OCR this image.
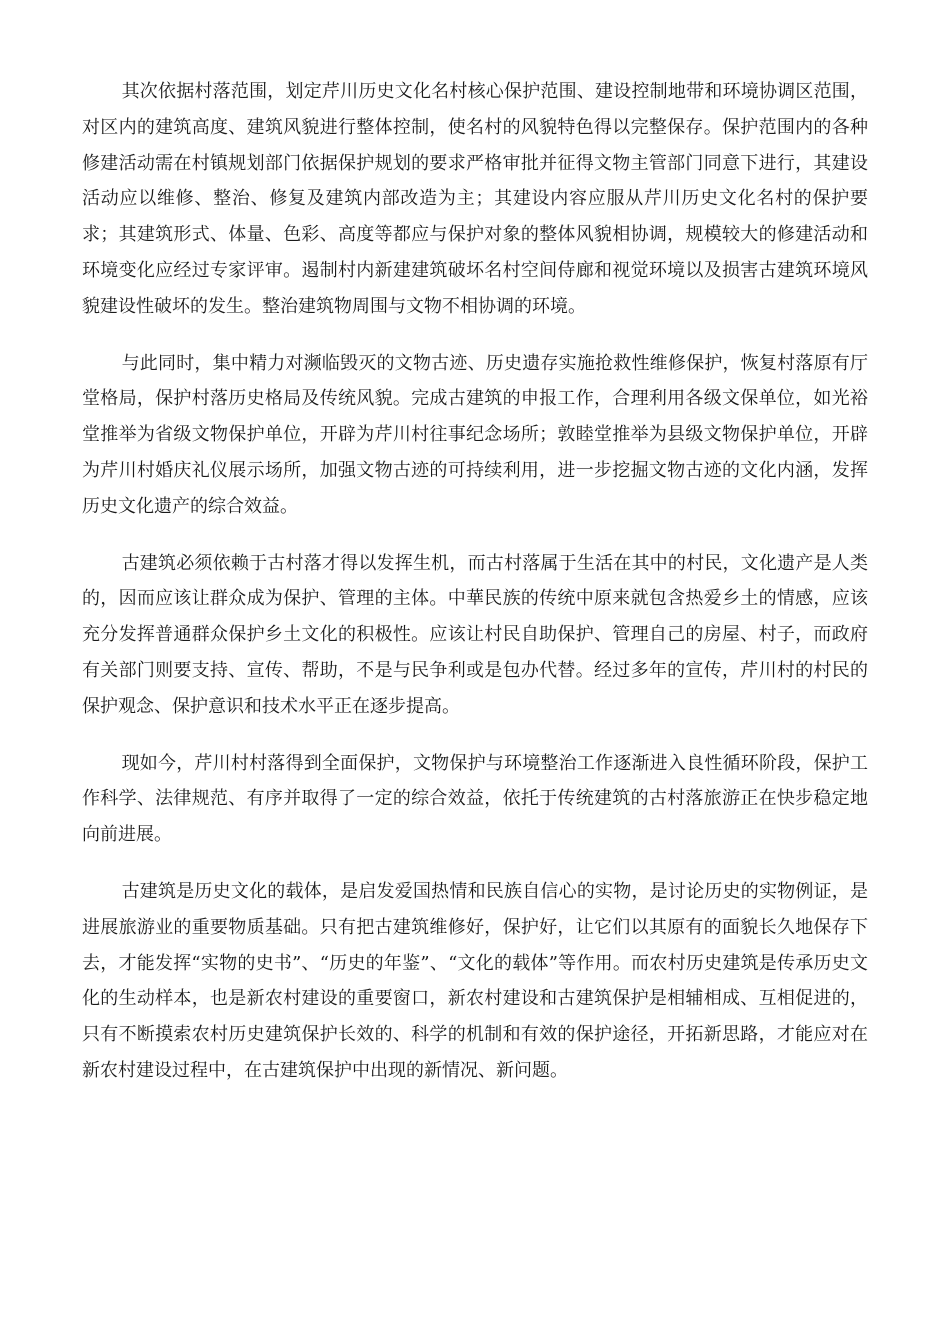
其次依据村落范围，划定芹川历史文化名村核心保护范围、建设控制地带和环境协调区范围，对区内的建筑高度、建筑风貌进行整体控制，使名村的风貌特色得以完整保存。保护范围内的各种修建活动需在村镇规划部门依据保护规划的要求严格审批并征得文物主管部门同意下进行，其建设活动应以维修、整治、修复及建筑内部改造为主；其建设内容应服从芹川历史文化名村的保护要求；其建筑形式、体量、色彩、高度等都应与保护对象的整体风貌相协调，规模较大的修建活动和环境变化应经过专家评审。遏制村内新建建筑破坏名村空间侍廊和视觉环境以及损害古建筑环境风貌建设性破坏的发生。整治建筑物周围与文物不相协调的环境。

与此同时，集中精力对濒临毁灭的文物古迹、历史遗存实施抢救性维修保护，恢复村落原有厅堂格局，保护村落历史格局及传统风貌。完成古建筑的申报工作，合理利用各级文保单位，如光裕堂推举为省级文物保护单位，开辟为芹川村往事纪念场所；敦睦堂推举为县级文物保护单位，开辟为芹川村婚庆礼仪展示场所，加强文物古迹的可持续利用，进一步挖掘文物古迹的文化内涵，发挥历史文化遗产的综合效益。

古建筑必须依赖于古村落才得以发挥生机，而古村落属于生活在其中的村民，文化遗产是人类的，因而应该让群众成为保护、管理的主体。中華民族的传统中原来就包含热爱乡土的情感，应该充分发挥普通群众保护乡土文化的积极性。应该让村民自助保护、管理自己的房屋、村子，而政府有关部门则要支持、宣传、帮助，不是与民争利或是包办代替。经过多年的宣传，芹川村的村民的保护观念、保护意识和技术水平正在逐步提高。

现如今，芹川村村落得到全面保护，文物保护与环境整治工作逐渐进入良性循环阶段，保护工作科学、法律规范、有序并取得了一定的综合效益，依托于传统建筑的古村落旅游正在快步稳定地向前进展。

古建筑是历史文化的载体，是启发爱国热情和民族自信心的实物，是讨论历史的实物例证，是进展旅游业的重要物质基础。只有把古建筑维修好，保护好，让它们以其原有的面貌长久地保存下去，才能发挥“实物的史书”、“历史的年鉴”、“文化的载体”等作用。而农村历史建筑是传承历史文化的生动样本，也是新农村建设的重要窗口，新农村建设和古建筑保护是相辅相成、互相促进的，只有不断摸索农村历史建筑保护长效的、科学的机制和有效的保护途径，开拓新思路，才能应对在新农村建设过程中，在古建筑保护中出现的新情况、新问题。
